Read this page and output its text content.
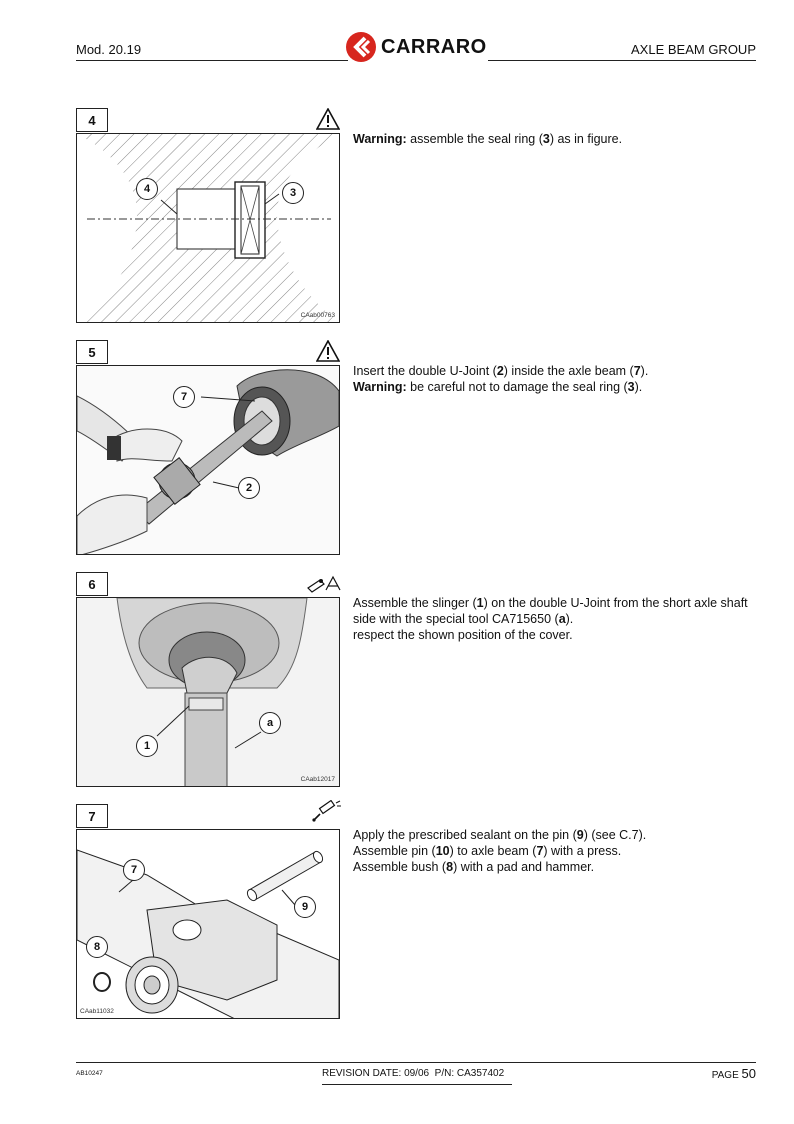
Mod. 20.19	CARRARO	AXLE BEAM GROUP
4
4	3
CAab00763

Warning: assemble the seal ring (3) as in figure.

5
7
2

Insert the double U-Joint (2) inside the axle beam (7).

Warning: be careful not to damage the seal ring (3).

6
1
a
CAab12017

Assemble the slinger (1) on the double U-Joint from the short axle shaft

side with the special tool CA715650 (a).

respect the shown position of the cover.

7
7
9
8
CAab11032

Apply the prescribed sealant on the pin (9) (see C.7).

Assemble pin (10) to axle beam (7) with a press.

Assemble bush (8) with a pad and hammer.

AB10247	REVISION DATE: 09/06 P/N: CA357402	PAGE 50
